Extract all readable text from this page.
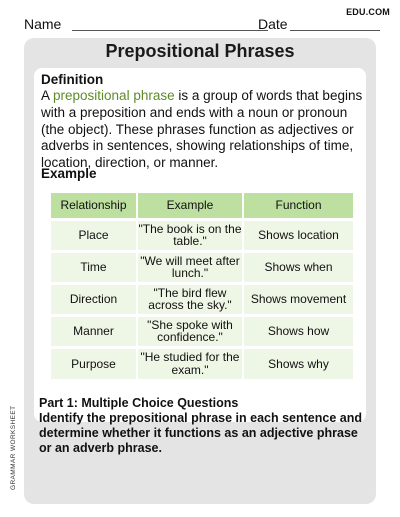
Name	Date
EDU.COM
Prepositional Phrases
Definition
A prepositional phrase is a group of words that begins with a preposition and ends with a noun or pronoun (the object). These phrases function as adjectives or adverbs in sentences, showing relationships of time, location, direction, or manner.
Example
Relationship	Example	Function
Place	"The book is on the table."	Shows location
Time	"We will meet after lunch."	Shows when
Direction	"The bird flew across the sky."	Shows movement
Manner	"She spoke with confidence."	Shows how
Purpose	"He studied for the exam."	Shows why
Part 1: Multiple Choice Questions
Identify the prepositional phrase in each sentence and determine whether it functions as an adjective phrase or an adverb phrase.
GRAMMAR WORKSHEET
